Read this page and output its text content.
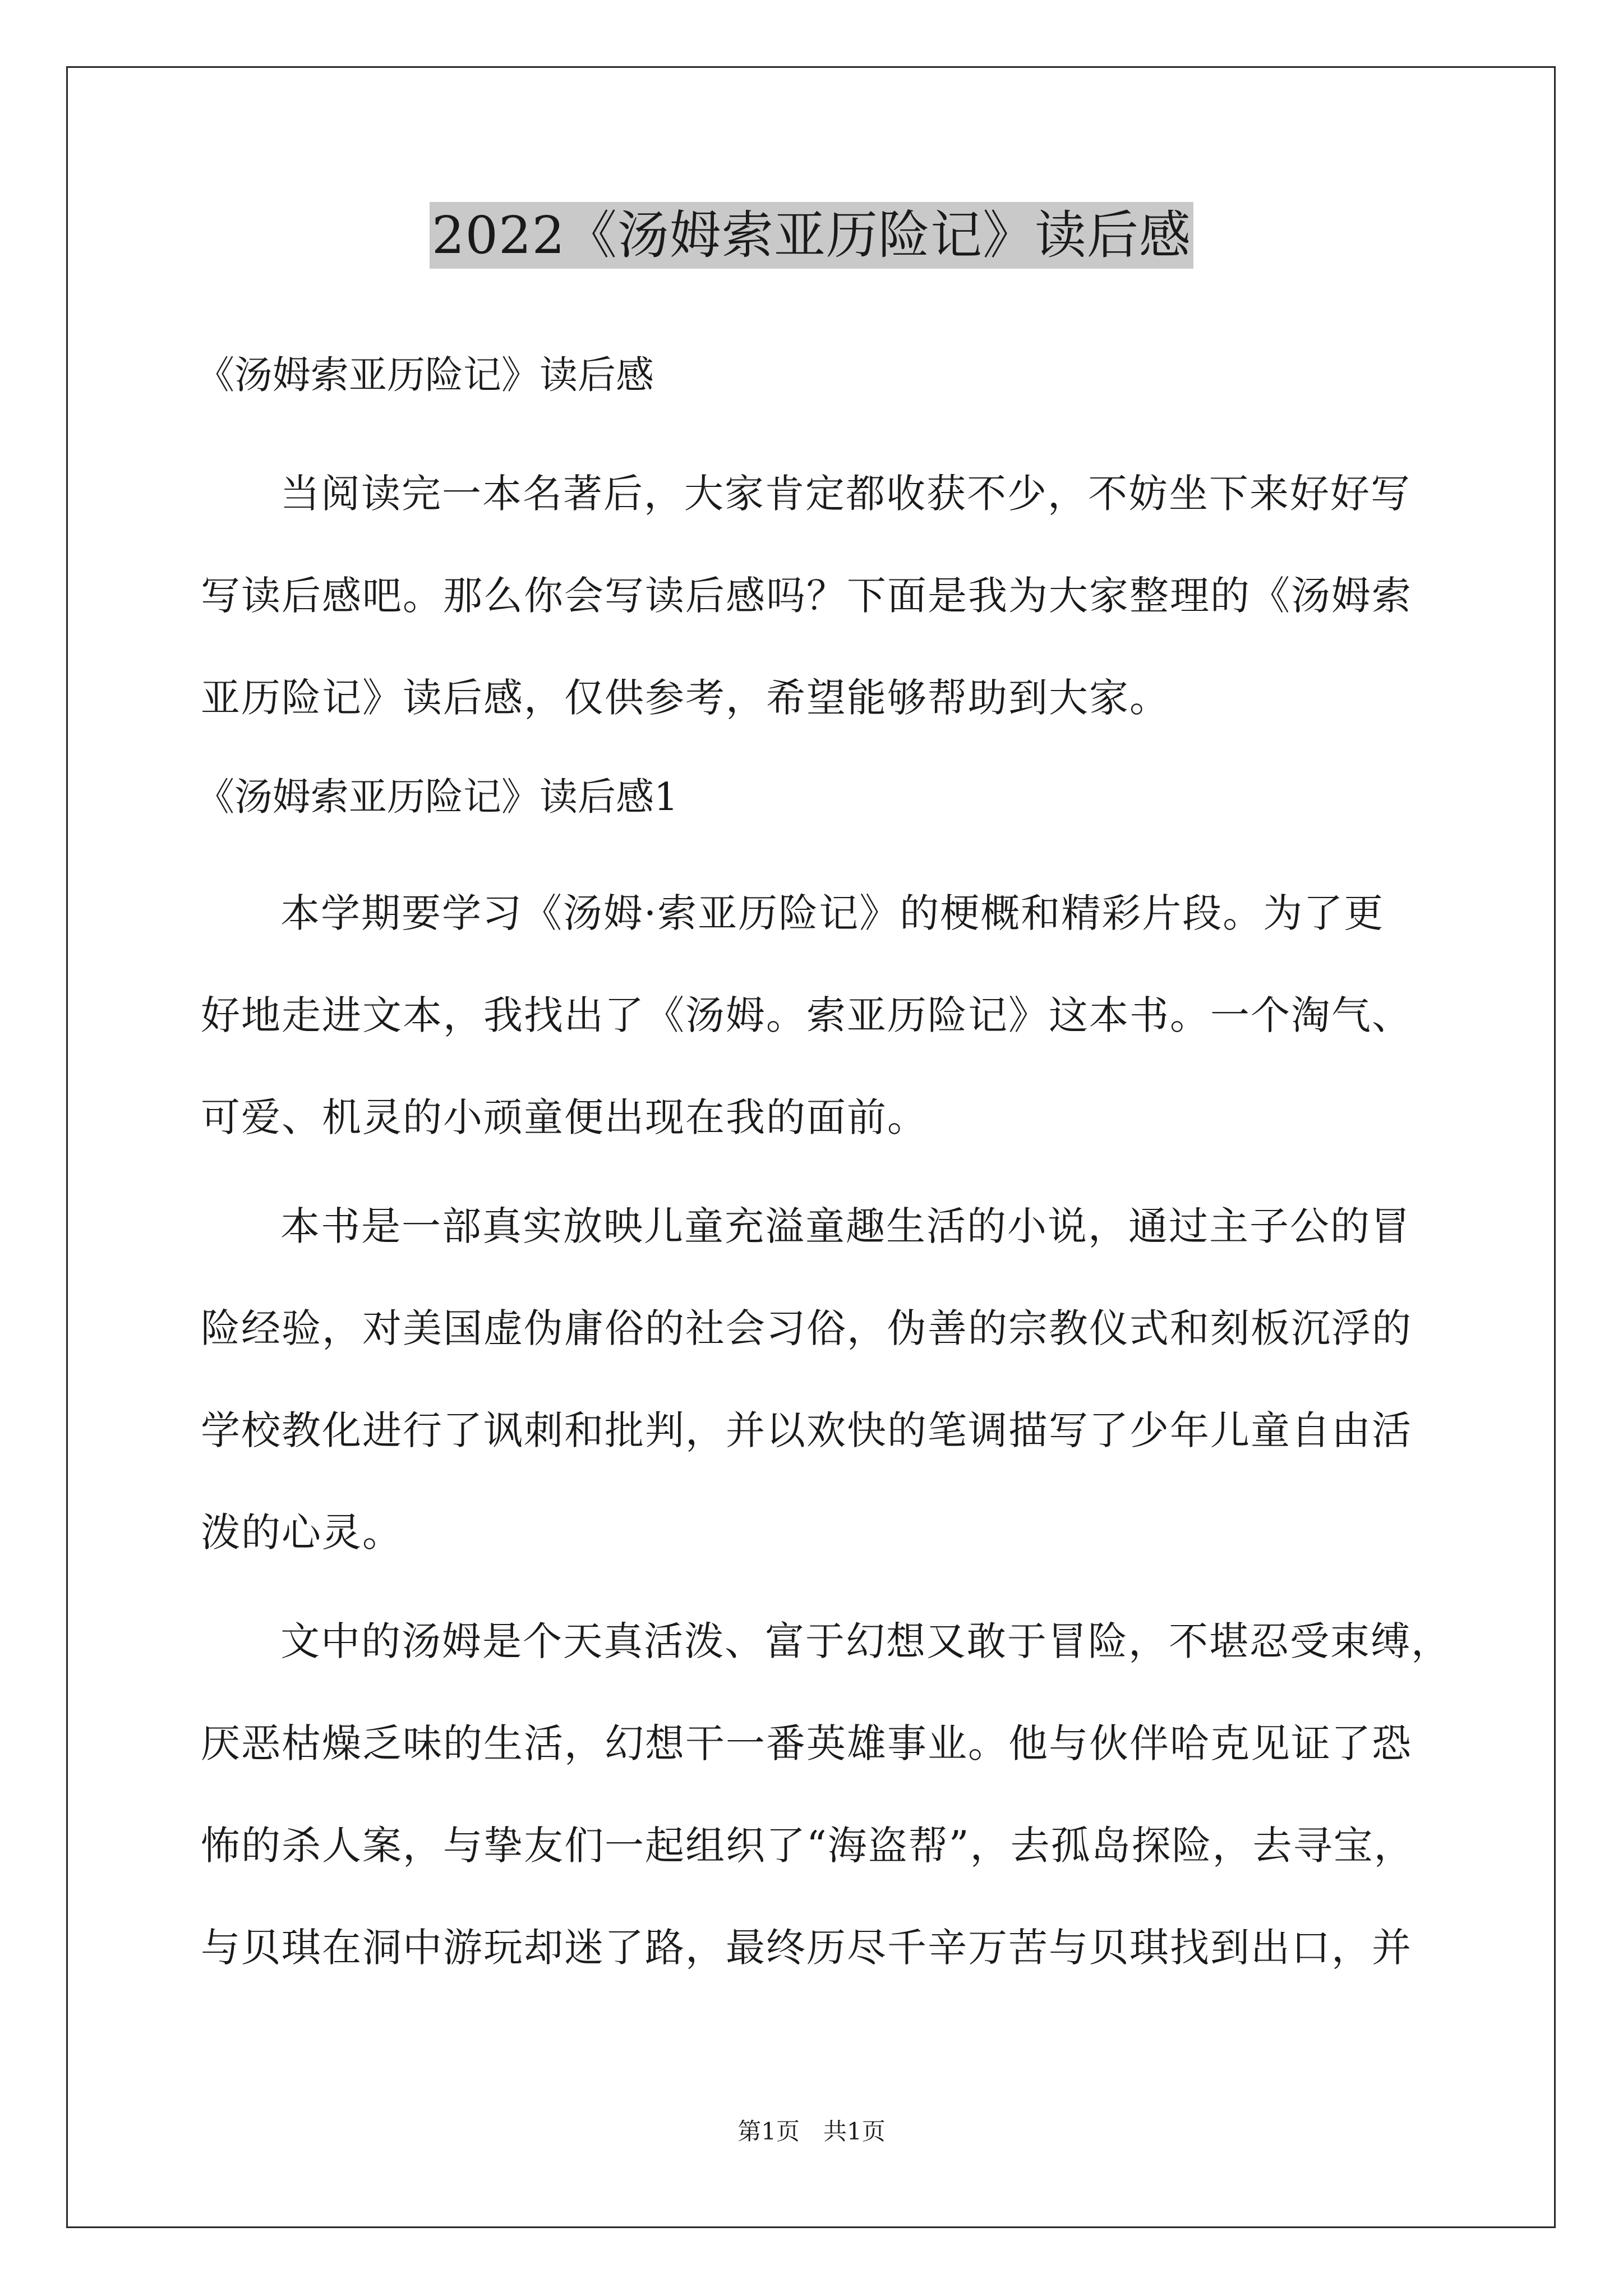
2022《汤姆索亚历险记》读后感
《汤姆索亚历险记》读后感
当阅读完一本名著后，大家肯定都收获不少，不妨坐下来好好写
写读后感吧。那么你会写读后感吗？下面是我为大家整理的《汤姆索
亚历险记》读后感，仅供参考，希望能够帮助到大家。
《汤姆索亚历险记》读后感1
本学期要学习《汤姆·索亚历险记》的梗概和精彩片段。为了更
好地走进文本，我找出了《汤姆。索亚历险记》这本书。一个淘气、
可爱、机灵的小顽童便出现在我的面前。
本书是一部真实放映儿童充溢童趣生活的小说，通过主子公的冒
险经验，对美国虚伪庸俗的社会习俗，伪善的宗教仪式和刻板沉浮的
学校教化进行了讽刺和批判，并以欢快的笔调描写了少年儿童自由活
泼的心灵。
文中的汤姆是个天真活泼、富于幻想又敢于冒险，不堪忍受束缚，
厌恶枯燥乏味的生活，幻想干一番英雄事业。他与伙伴哈克见证了恐
怖的杀人案，与挚友们一起组织了“海盗帮”，去孤岛探险，去寻宝，
与贝琪在洞中游玩却迷了路，最终历尽千辛万苦与贝琪找到出口，并
第1页　共1页
